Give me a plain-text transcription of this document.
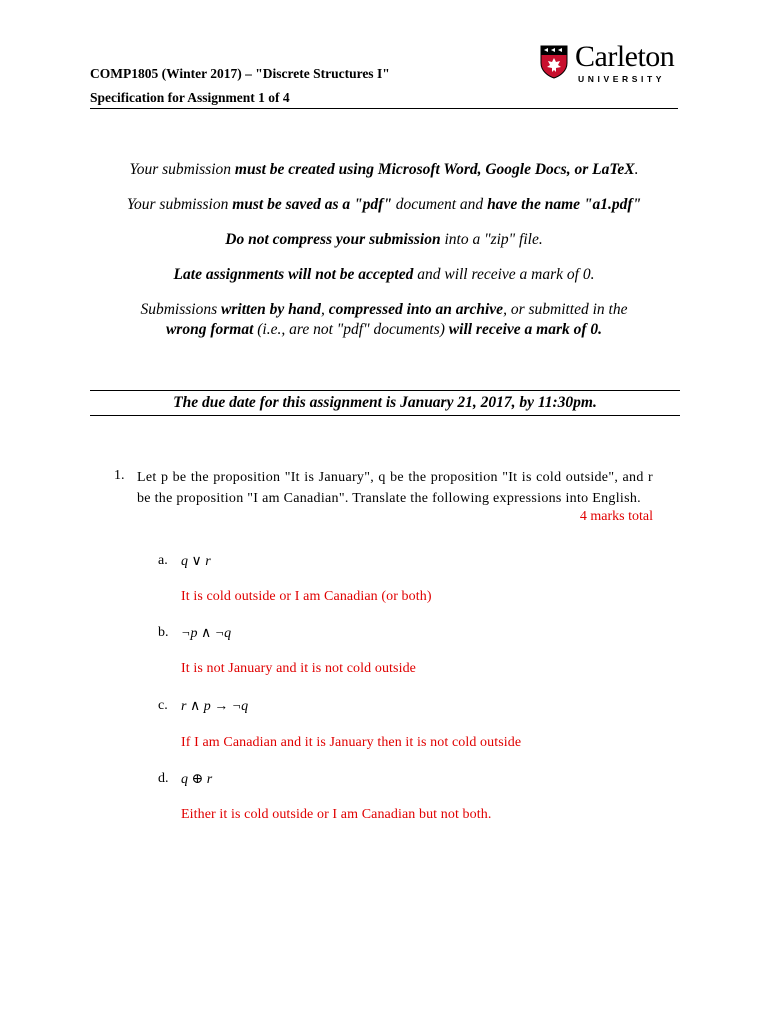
COMP1805 (Winter 2017) – "Discrete Structures I"
Specification for Assignment 1 of 4
Carleton
UNIVERSITY
Your submission must be created using Microsoft Word, Google Docs, or LaTeX.
Your submission must be saved as a "pdf" document and have the name "a1.pdf"
Do not compress your submission into a "zip" file.
Late assignments will not be accepted and will receive a mark of 0.
Submissions written by hand, compressed into an archive, or submitted in the
wrong format (i.e., are not "pdf" documents) will receive a mark of 0.
The due date for this assignment is January 21, 2017, by 11:30pm.
1. Let p be the proposition "It is January", q be the proposition "It is cold outside", and r be the proposition "I am Canadian". Translate the following expressions into English.
4 marks total
a. q ∨ r
It is cold outside or I am Canadian (or both)
b. ¬p ∧ ¬q
It is not January and it is not cold outside
c. r ∧ p → ¬q
If I am Canadian and it is January then it is not cold outside
d. q ⊕ r
Either it is cold outside or I am Canadian but not both.
